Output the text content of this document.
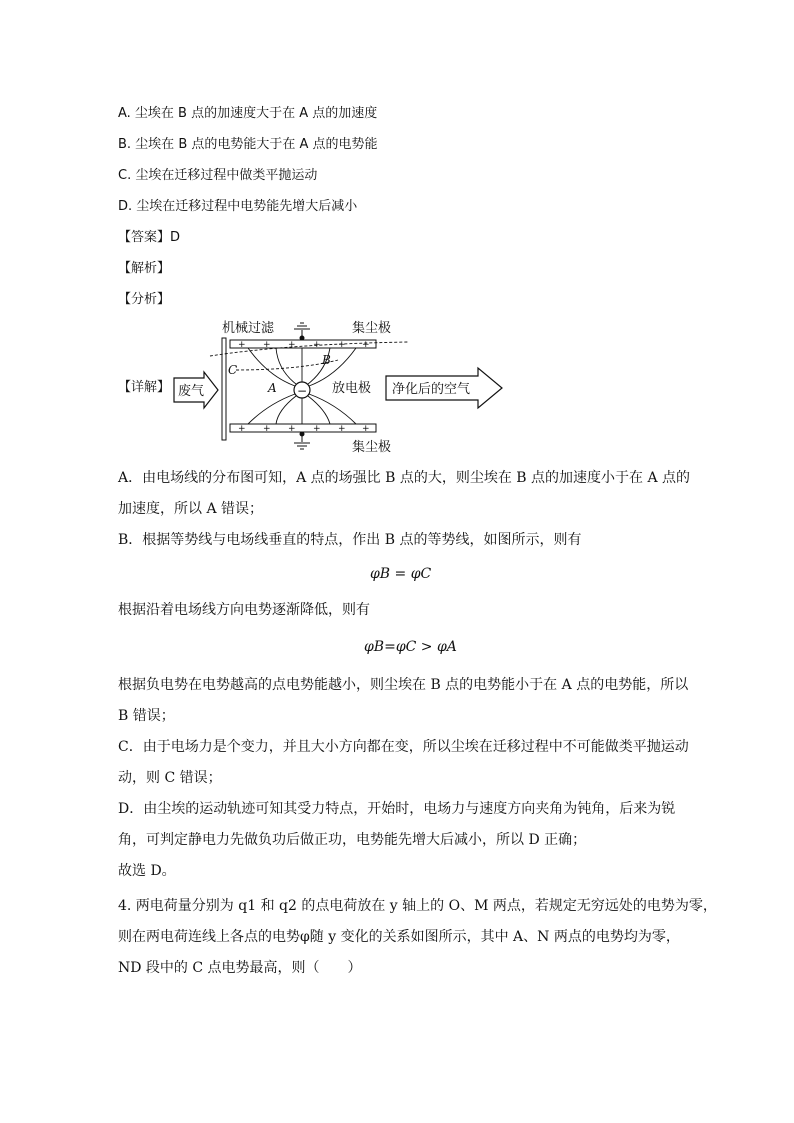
A. 尘埃在 B 点的加速度大于在 A 点的加速度
B. 尘埃在 B 点的电势能大于在 A 点的电势能
C. 尘埃在迁移过程中做类平抛运动
D. 尘埃在迁移过程中电势能先增大后减小
【答案】D
【解析】
【分析】
【详解】
机械过滤	集尘极
集尘极
放电极
A
B
C
废气
+ + + + + +
+ + + + + +
−	净化后的空气
A．由电场线的分布图可知，A 点的场强比 B 点的大，则尘埃在 B 点的加速度小于在 A 点的
加速度，所以 A 错误；
B．根据等势线与电场线垂直的特点，作出 B 点的等势线，如图所示，则有
φB = φC
根据沿着电场线方向电势逐渐降低，则有
φB=φC > φA
根据负电势在电势越高的点电势能越小，则尘埃在 B 点的电势能小于在 A 点的电势能，所以
B 错误；
C．由于电场力是个变力，并且大小方向都在变，所以尘埃在迁移过程中不可能做类平抛运动
动，则 C 错误；
D．由尘埃的运动轨迹可知其受力特点，开始时，电场力与速度方向夹角为钝角，后来为锐
角，可判定静电力先做负功后做正功，电势能先增大后减小，所以 D 正确；
故选 D。
4. 两电荷量分别为 q1 和 q2 的点电荷放在 y 轴上的 O、M 两点，若规定无穷远处的电势为零，
则在两电荷连线上各点的电势φ随 y 变化的关系如图所示，其中 A、N 两点的电势均为零，
ND 段中的 C 点电势最高，则（　　）
